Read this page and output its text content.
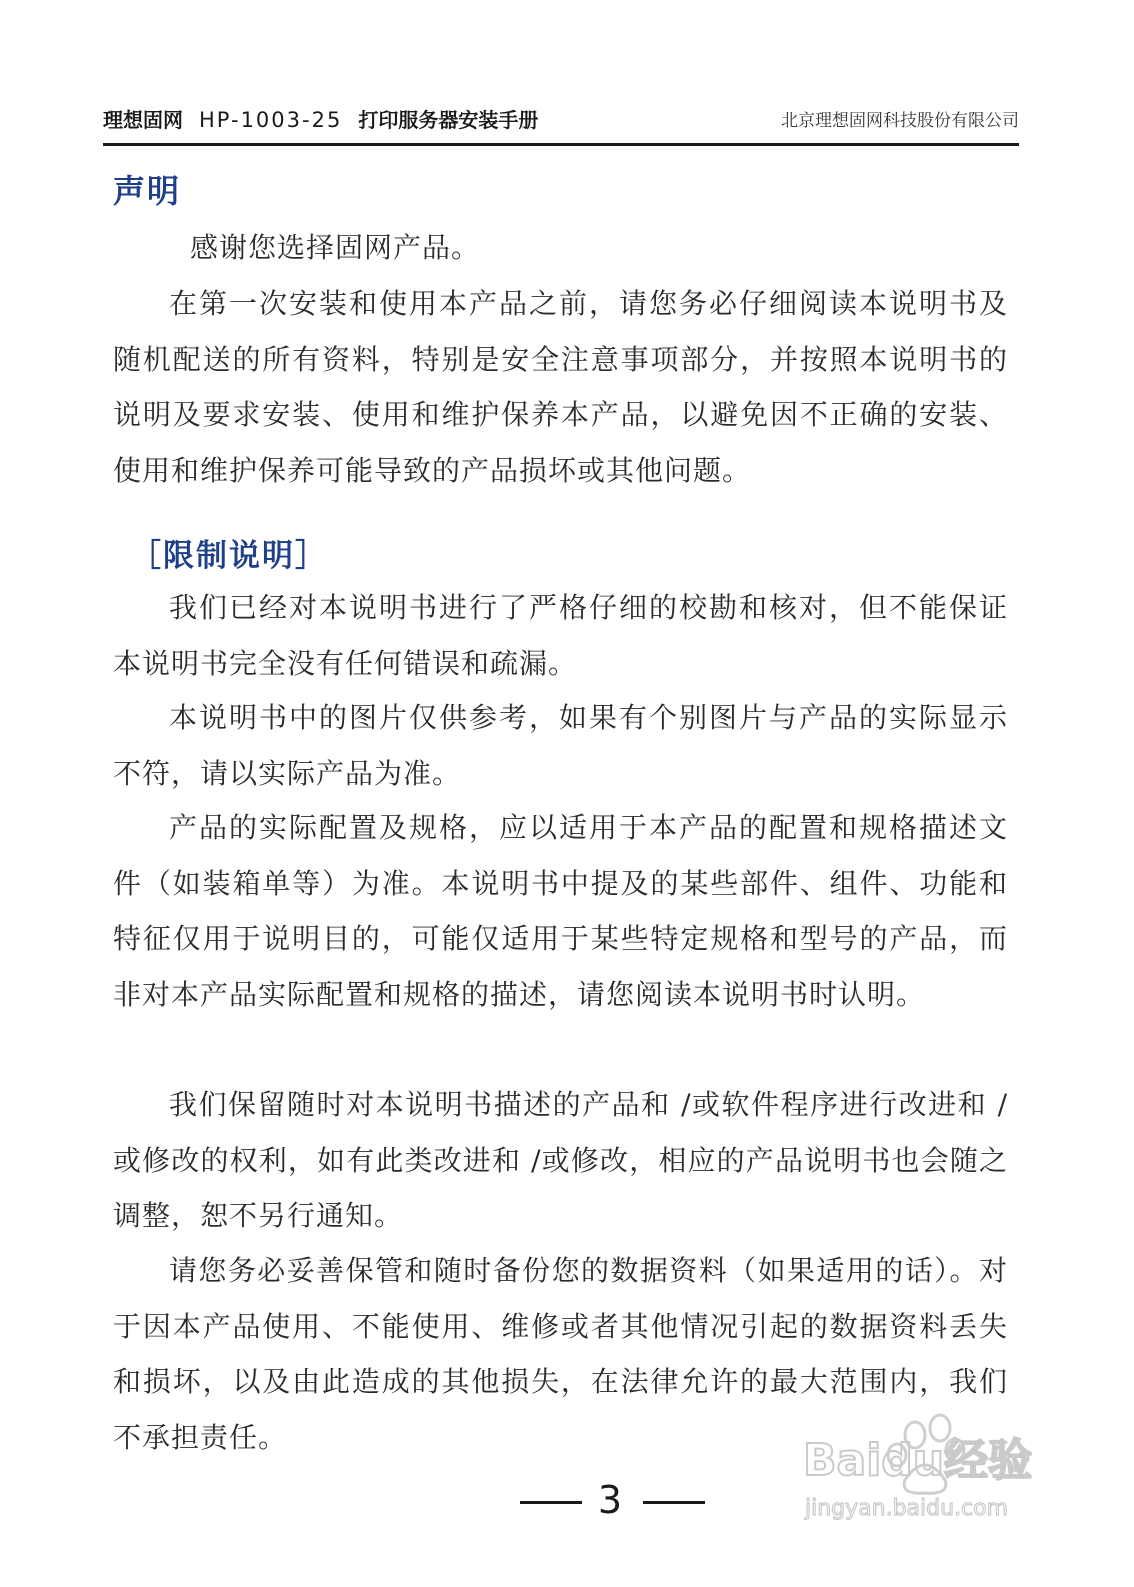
理想固网 HP-1003-25 打印服务器安装手册	北京理想固网科技股份有限公司
声明

感谢您选择固网产品。

在第一次安装和使用本产品之前，请您务必仔细阅读本说明书及随机配送的所有资料，特别是安全注意事项部分，并按照本说明书的说明及要求安装、使用和维护保养本产品，以避免因不正确的安装、使用和维护保养可能导致的产品损坏或其他问题。

［限制说明］

我们已经对本说明书进行了严格仔细的校勘和核对，但不能保证本说明书完全没有任何错误和疏漏。

本说明书中的图片仅供参考，如果有个别图片与产品的实际显示不符，请以实际产品为准。

产品的实际配置及规格，应以适用于本产品的配置和规格描述文件（如装箱单等）为准。本说明书中提及的某些部件、组件、功能和特征仅用于说明目的，可能仅适用于某些特定规格和型号的产品，而非对本产品实际配置和规格的描述，请您阅读本说明书时认明。

我们保留随时对本说明书描述的产品和 /或软件程序进行改进和 /或修改的权利，如有此类改进和 /或修改，相应的产品说明书也会随之调整，恕不另行通知。

请您务必妥善保管和随时备份您的数据资料（如果适用的话）。对于因本产品使用、不能使用、维修或者其他情况引起的数据资料丢失和损坏，以及由此造成的其他损失，在法律允许的最大范围内，我们不承担责任。

3
Baidu经验
jingyan.baidu.com
